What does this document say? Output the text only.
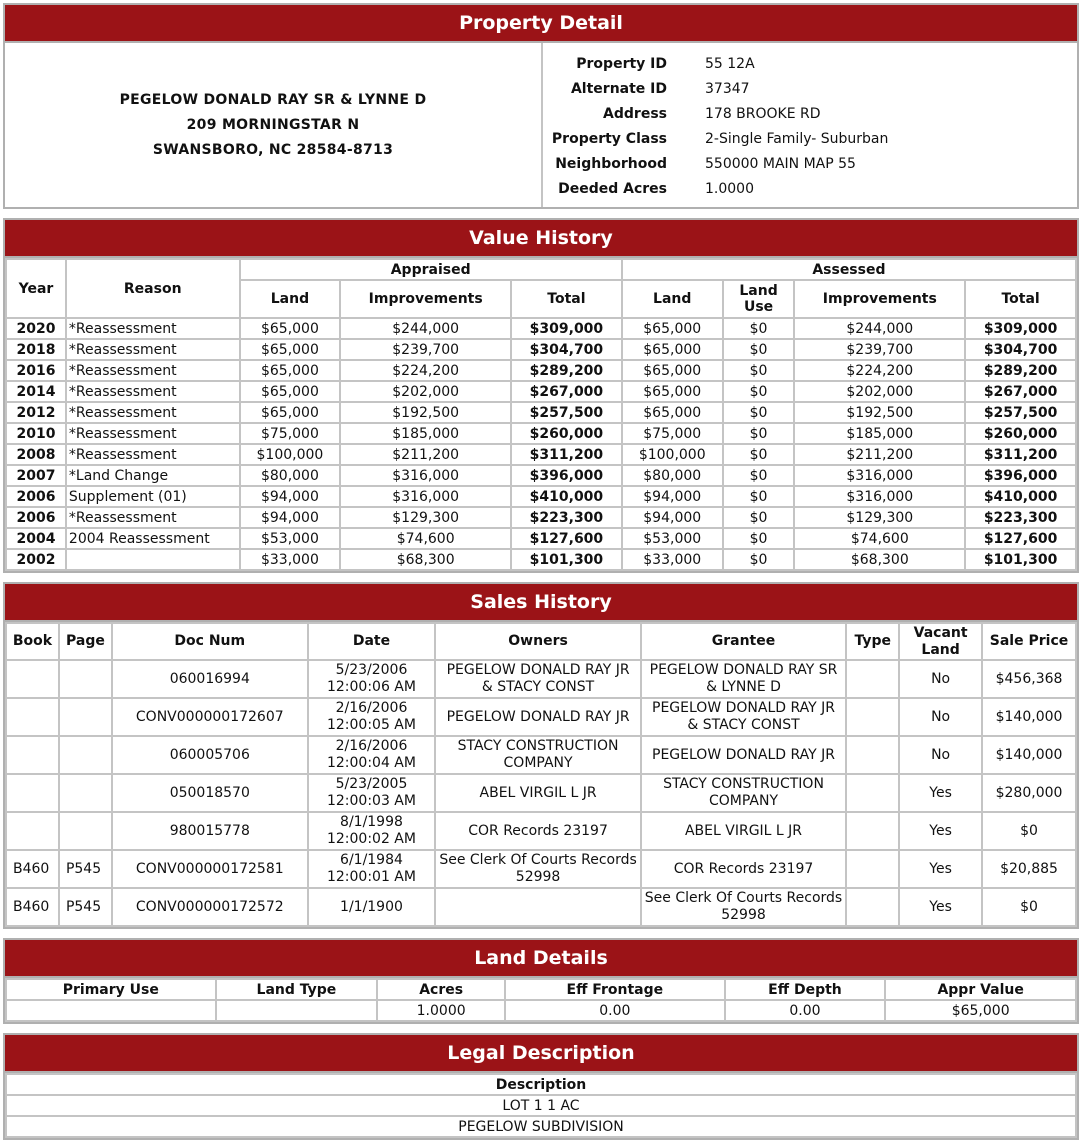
Property Detail
PEGELOW DONALD RAY SR & LYNNE D
209 MORNINGSTAR N
SWANSBORO, NC 28584-8713
Property ID	55 12A
Alternate ID	37347
Address	178 BROOKE RD
Property Class	2-Single Family- Suburban
Neighborhood	550000 MAIN MAP 55
Deeded Acres	1.0000
Value History
Year	Reason	Appraised			Assessed			
		Land	Improvements	Total	Land	Land Use	Improvements	Total
2020	*Reassessment	$65,000	$244,000	$309,000	$65,000	$0	$244,000	$309,000
2018	*Reassessment	$65,000	$239,700	$304,700	$65,000	$0	$239,700	$304,700
2016	*Reassessment	$65,000	$224,200	$289,200	$65,000	$0	$224,200	$289,200
2014	*Reassessment	$65,000	$202,000	$267,000	$65,000	$0	$202,000	$267,000
2012	*Reassessment	$65,000	$192,500	$257,500	$65,000	$0	$192,500	$257,500
2010	*Reassessment	$75,000	$185,000	$260,000	$75,000	$0	$185,000	$260,000
2008	*Reassessment	$100,000	$211,200	$311,200	$100,000	$0	$211,200	$311,200
2007	*Land Change	$80,000	$316,000	$396,000	$80,000	$0	$316,000	$396,000
2006	Supplement (01)	$94,000	$316,000	$410,000	$94,000	$0	$316,000	$410,000
2006	*Reassessment	$94,000	$129,300	$223,300	$94,000	$0	$129,300	$223,300
2004	2004 Reassessment	$53,000	$74,600	$127,600	$53,000	$0	$74,600	$127,600
2002		$33,000	$68,300	$101,300	$33,000	$0	$68,300	$101,300
Sales History
Book	Page	Doc Num	Date	Owners	Grantee	Type	Vacant Land	Sale Price
		060016994	5/23/2006 12:00:06 AM	PEGELOW DONALD RAY JR & STACY CONST	PEGELOW DONALD RAY SR & LYNNE D		No	$456,368
		CONV000000172607	2/16/2006 12:00:05 AM	PEGELOW DONALD RAY JR	PEGELOW DONALD RAY JR & STACY CONST		No	$140,000
		060005706	2/16/2006 12:00:04 AM	STACY CONSTRUCTION COMPANY	PEGELOW DONALD RAY JR		No	$140,000
		050018570	5/23/2005 12:00:03 AM	ABEL VIRGIL L JR	STACY CONSTRUCTION COMPANY		Yes	$280,000
		980015778	8/1/1998 12:00:02 AM	COR Records 23197	ABEL VIRGIL L JR		Yes	$0
B460	P545	CONV000000172581	6/1/1984 12:00:01 AM	See Clerk Of Courts Records 52998	COR Records 23197		Yes	$20,885
B460	P545	CONV000000172572	1/1/1900		See Clerk Of Courts Records 52998		Yes	$0
Land Details
Primary Use	Land Type	Acres	Eff Frontage	Eff Depth	Appr Value
		1.0000	0.00	0.00	$65,000
Legal Description
Description
LOT 1 1 AC
PEGELOW SUBDIVISION
